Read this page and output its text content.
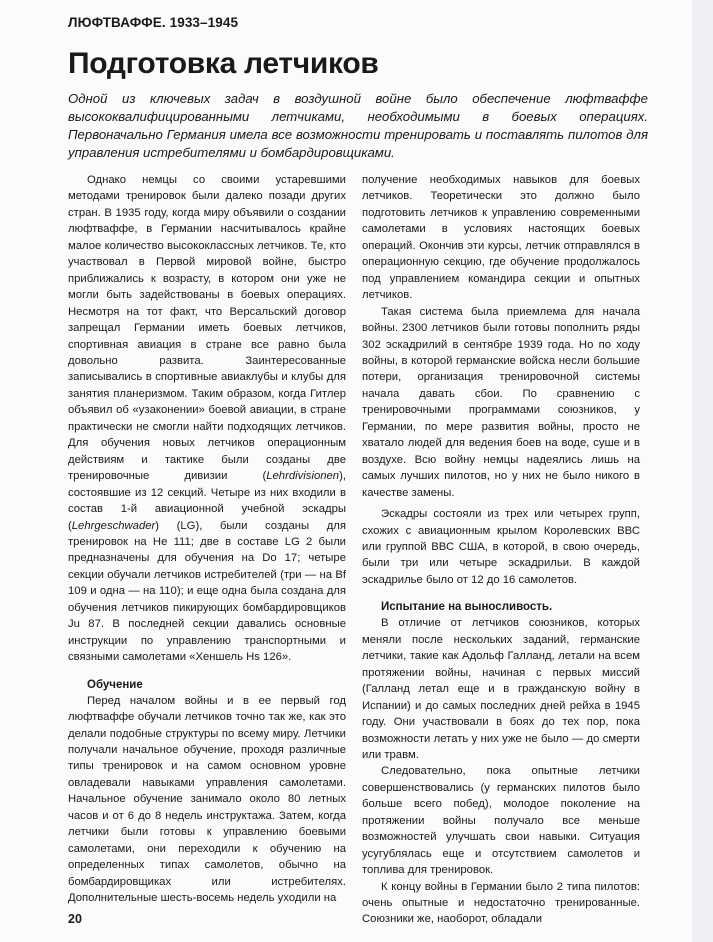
ЛЮФТВАФФЕ. 1933–1945
Подготовка летчиков

Одной из ключевых задач в воздушной войне было обеспечение люфтваффе высококвалифицированными летчиками, необходимыми в боевых операциях. Первоначально Германия имела все возможности тренировать и поставлять пилотов для управления истребителями и бомбардировщиками.

Однако немцы со своими устаревшими методами тренировок были далеко позади других стран. В 1935 году, когда миру объявили о создании люфтваффе, в Германии насчитывалось крайне малое количество высококлассных летчиков. Те, кто участвовал в Первой мировой войне, быстро приближались к возрасту, в котором они уже не могли быть задействованы в боевых операциях. Несмотря на тот факт, что Версальский договор запрещал Германии иметь боевых летчиков, спортивная авиация в стране все равно была довольно развита. Заинтересованные записывались в спортивные авиаклубы и клубы для занятия планеризмом. Таким образом, когда Гитлер объявил об «узаконении» боевой авиации, в стране практически не смогли найти подходящих летчиков. Для обучения новых летчиков операционным действиям и тактике были созданы две тренировочные дивизии (Lehrdivisionen), состоявшие из 12 секций. Четыре из них входили в состав 1-й авиационной учебной эскадры (Lehrgeschwader) (LG), были созданы для тренировок на Не 111; две в составе LG 2 были предназначены для обучения на Do 17; четыре секции обучали летчиков истребителей (три — на Bf 109 и одна — на 110); и еще одна была создана для обучения летчиков пикирующих бомбардировщиков Ju 87. В последней секции давались основные инструкции по управлению транспортными и связными самолетами «Хеншель Hs 126».

Обучение

Перед началом войны и в ее первый год люфтваффе обучали летчиков точно так же, как это делали подобные структуры по всему миру. Летчики получали начальное обучение, проходя различные типы тренировок и на самом основном уровне овладевали навыками управления самолетами. Начальное обучение занимало около 80 летных часов и от 6 до 8 недель инструктажа. Затем, когда летчики были готовы к управлению боевыми самолетами, они переходили к обучению на определенных типах самолетов, обычно на бомбардировщиках или истребителях. Дополнительные шесть-восемь недель уходили на

получение необходимых навыков для боевых летчиков. Теоретически это должно было подготовить летчиков к управлению современными самолетами в условиях настоящих боевых операций. Окончив эти курсы, летчик отправлялся в операционную секцию, где обучение продолжалось под управлением командира секции и опытных летчиков.

Такая система была приемлема для начала войны. 2300 летчиков были готовы пополнить ряды 302 эскадрилий в сентябре 1939 года. Но по ходу войны, в которой германские войска несли большие потери, организация тренировочной системы начала давать сбои. По сравнению с тренировочными программами союзников, у Германии, по мере развития войны, просто не хватало людей для ведения боев на воде, суше и в воздухе. Всю войну немцы надеялись лишь на самых лучших пилотов, но у них не было никого в качестве замены.

Эскадры состояли из трех или четырех групп, схожих с авиационным крылом Королевских ВВС или группой ВВС США, в которой, в свою очередь, были три или четыре эскадрильи. В каждой эскадрилье было от 12 до 16 самолетов.

Испытание на выносливость.

В отличие от летчиков союзников, которых меняли после нескольких заданий, германские летчики, такие как Адольф Галланд, летали на всем протяжении войны, начиная с первых миссий (Галланд летал еще и в гражданскую войну в Испании) и до самых последних дней рейха в 1945 году. Они участвовали в боях до тех пор, пока возможности летать у них уже не было — до смерти или травм.

Следовательно, пока опытные летчики совершенствовались (у германских пилотов было больше всего побед), молодое поколение на протяжении войны получало все меньше возможностей улучшать свои навыки. Ситуация усугублялась еще и отсутствием самолетов и топлива для тренировок.

К концу войны в Германии было 2 типа пилотов: очень опытные и недостаточно тренированные. Союзники же, наоборот, обладали

20
